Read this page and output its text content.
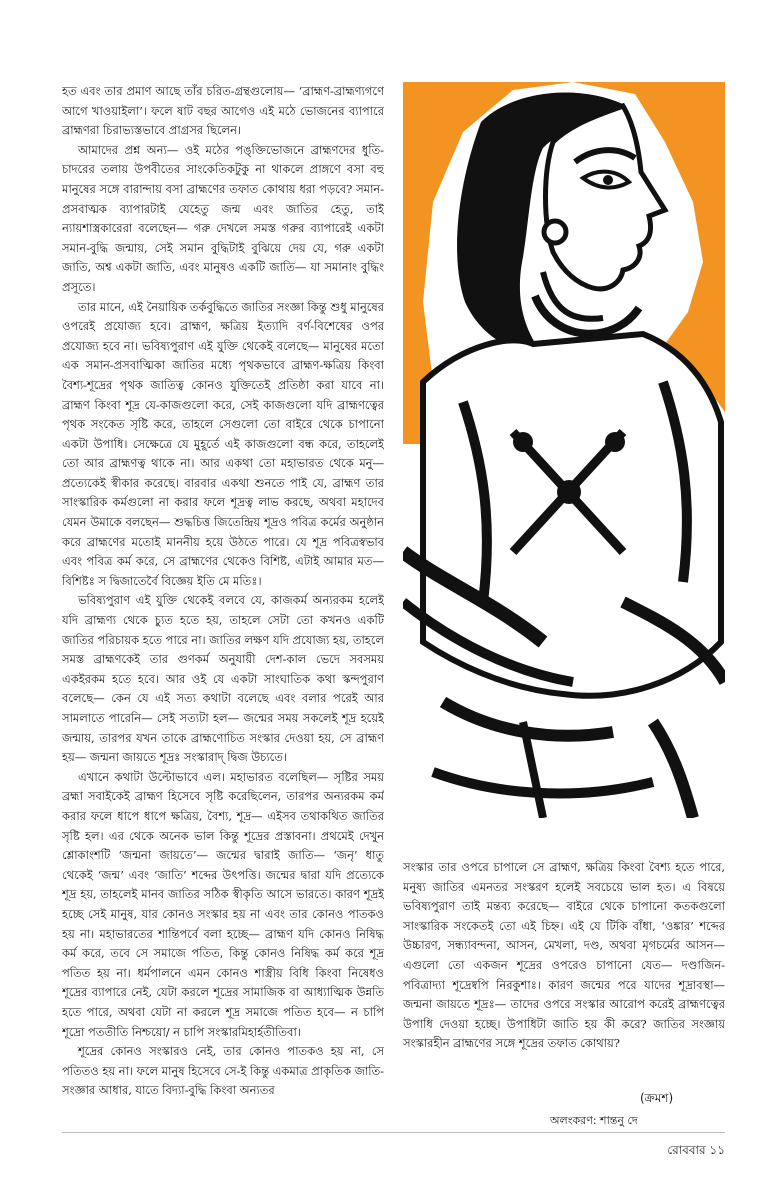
হত এবং তার প্রমাণ আছে তাঁর চরিত-গ্রন্থগুলোয়— ‘ব্রাহ্মণ-ব্রাহ্মণ্যগণে আগে খাওয়াইলা’। ফলে ষাট বছর আগেও এই মঠে ভোজনের ব্যাপারে ব্রাহ্মণরা চিরাভ্যস্তভাবে প্রাগ্রসর ছিলেন।

আমাদের প্রশ্ন অন্য— ওই মঠের পঙ্‌ক্তিভোজনে ব্রাহ্মণদের ধুতি-চাদরের তলায় উপবীতের সাংকেতিকটুকু না থাকলে প্রাঙ্গণে বসা বহু মানুষের সঙ্গে বারান্দায় বসা ব্রাহ্মণের তফাত কোথায় ধরা পড়বে? সমান-প্রসবাত্মক ব্যাপারটাই যেহেতু জন্ম এবং জাতির হেতু, তাই ন্যায়শাস্ত্রকারেরা বলেছেন— গরু দেখলে সমস্ত গরুর ব্যাপারেই একটা সমান-বুদ্ধি জন্মায়, সেই সমান বুদ্ধিটাই বুঝিয়ে দেয় যে, গরু একটা জাতি, অশ্ব একটা জাতি, এবং মানুষও একটি জাতি— যা সমানাং বুদ্ধিং প্রসূতে।

তার মানে, এই নৈয়ায়িক তর্কবুদ্ধিতে জাতির সংজ্ঞা কিন্তু শুধু মানুষের ওপরেই প্রযোজ্য হবে। ব্রাহ্মণ, ক্ষত্রিয় ইত্যাদি বর্ণ-বিশেষের ওপর প্রযোজ্য হবে না। ভবিষ্যপুরাণ এই যুক্তি থেকেই বলেছে— মানুষের মতো এক সমান-প্রসবাত্মিকা জাতির মধ্যে পৃথকভাবে ব্রাহ্মণ-ক্ষত্রিয় কিংবা বৈশ্য-শূদ্রের পৃথক জাতিত্ব কোনও যুক্তিতেই প্রতিষ্ঠা করা যাবে না। ব্রাহ্মণ কিংবা শূদ্র যে-কাজগুলো করে, সেই কাজগুলো যদি ব্রাহ্মণত্বের পৃথক সংকেত সৃষ্টি করে, তাহলে সেগুলো তো বাইরে থেকে চাপানো একটা উপাধি। সেক্ষেত্রে যে মুহূর্তে এই কাজগুলো বন্ধ করে, তাহলেই তো আর ব্রাহ্মণত্ব থাকে না। আর একথা তো মহাভারত থেকে মনু— প্রত্যেকেই স্বীকার করেছে। বারবার একথা শুনতে পাই যে, ব্রাহ্মণ তার সাংস্কারিক কর্মগুলো না করার ফলে শূদ্রত্ব লাভ করছে, অথবা মহাদেব যেমন উমাকে বলছেন— শুদ্ধচিত্ত জিতেন্দ্রিয় শূদ্রও পবিত্র কর্মের অনুষ্ঠান করে ব্রাহ্মণের মতোই মাননীয় হয়ে উঠতে পারে। যে শূদ্র পবিত্রস্বভাব এবং পবিত্র কর্ম করে, সে ব্রাহ্মণের থেকেও বিশিষ্ট, এটাই আমার মত— বিশিষ্টঃ স দ্বিজাতের্বৈ বিজ্ঞেয় ইতি মে মতিঃ।

ভবিষ্যপুরাণ এই যুক্তি থেকেই বলবে যে, কাজকর্ম অন্যরকম হলেই যদি ব্রাহ্মণ্য থেকে চ্যুত হতে হয়, তাহলে সেটা তো কখনও একটি জাতির পরিচায়ক হতে পারে না। জাতির লক্ষণ যদি প্রযোজ্য হয়, তাহলে সমস্ত ব্রাহ্মণকেই তার গুণকর্ম অনুযায়ী দেশ-কাল ভেদে সবসময় একইরকম হতে হবে। আর ওই যে একটা সাংঘাতিক কথা স্কন্দপুরাণ বলেছে— কেন যে এই সত্য কথাটা বলেছে এবং বলার পরেই আর সামলাতে পারেনি— সেই সত্যটা হল— জন্মের সময় সকলেই শূদ্র হয়েই জন্মায়, তারপর যখন তাকে ব্রাহ্মণোচিত সংস্কার দেওয়া হয়, সে ব্রাহ্মণ হয়— জন্মনা জায়তে শূদ্রঃ সংস্কারাদ্‌ দ্বিজ উচ্যতে।

এখানে কথাটা উল্টোভাবে এল। মহাভারত বলেছিল— সৃষ্টির সময় ব্রহ্মা সবাইকেই ব্রাহ্মণ হিসেবে সৃষ্টি করেছিলেন, তারপর অন্যরকম কর্ম করার ফলে ধাপে ধাপে ক্ষত্রিয়, বৈশ্য, শূদ্র— এইসব তথাকথিত জাতির সৃষ্টি হল। এর থেকে অনেক ভাল কিন্তু শূদ্রের প্রস্তাবনা। প্রথমেই দেখুন শ্লোকাংশটি ‘জন্মনা জায়তে’— জন্মের দ্বারাই জাতি— ‘জনৃ’ ধাতু থেকেই ‘জন্ম’ এবং ‘জাতি’ শব্দের উৎপত্তি। জন্মের দ্বারা যদি প্রত্যেকে শূদ্র হয়, তাহলেই মানব জাতির সঠিক স্বীকৃতি আসে ভারতে। কারণ শূদ্রই হচ্ছে সেই মানুষ, যার কোনও সংস্কার হয় না এবং তার কোনও পাতকও হয় না। মহাভারতের শান্তিপর্বে বলা হচ্ছে— ব্রাহ্মণ যদি কোনও নিষিদ্ধ কর্ম করে, তবে সে সমাজে পতিত, কিন্তু কোনও নিষিদ্ধ কর্ম করে শূদ্র পতিত হয় না। ধর্মপালনে এমন কোনও শাস্ত্রীয় বিধি কিংবা নিষেধও শূদ্রের ব্যাপারে নেই, যেটা করলে শূদ্রের সামাজিক বা আধ্যাত্মিক উন্নতি হতে পারে, অথবা যেটা না করলে শূদ্র সমাজে পতিত হবে— ন চাপি শূদ্রো পততীতি নিশ্চয়ো/ ন চাপি সংস্কারমিহার্হতীতিবা।

শূদ্রের কোনও সংস্কারও নেই, তার কোনও পাতকও হয় না, সে পতিতও হয় না। ফলে মানুষ হিসেবে সে-ই কিন্তু একমাত্র প্রাকৃতিক জাতি-সংজ্ঞার আধার, যাতে বিদ্যা-বুদ্ধি কিংবা অন্যতর

সংস্কার তার ওপরে চাপালে সে ব্রাহ্মণ, ক্ষত্রিয় কিংবা বৈশ্য হতে পারে, মনুষ্য জাতির এমনতর সংস্করণ হলেই সবচেয়ে ভাল হত। এ বিষয়ে ভবিষ্যপুরাণ তাই মন্তব্য করেছে— বাইরে থেকে চাপানো কতকগুলো সাংস্কারিক সংকেতই তো এই চিহ্ন। এই যে টিকি বাঁধা, ‘ওঙ্কার’ শব্দের উচ্চারণ, সন্ধ্যাবন্দনা, আসন, মেখলা, দণ্ড, অথবা মৃগচর্মের আসন— এগুলো তো একজন শূদ্রের ওপরেও চাপানো যেত— দণ্ডাজিন-পবিত্রাদ্যা শূদ্রেষ্বপি নিরকুশাঃ। কারণ জন্মের পরে যাদের শূদ্রাবস্থা— জন্মনা জায়তে শূদ্রঃ— তাদের ওপরে সংস্কার আরোপ করেই ব্রাহ্মণত্বের উপাধি দেওয়া হচ্ছে। উপাধিটা জাতি হয় কী করে? জাতির সংজ্ঞায় সংস্কারহীন ব্রাহ্মণের সঙ্গে শূদ্রের তফাত কোথায়?

(ক্রমশ)
অলংকরণ: শান্তনু দে
রোববার ১১
